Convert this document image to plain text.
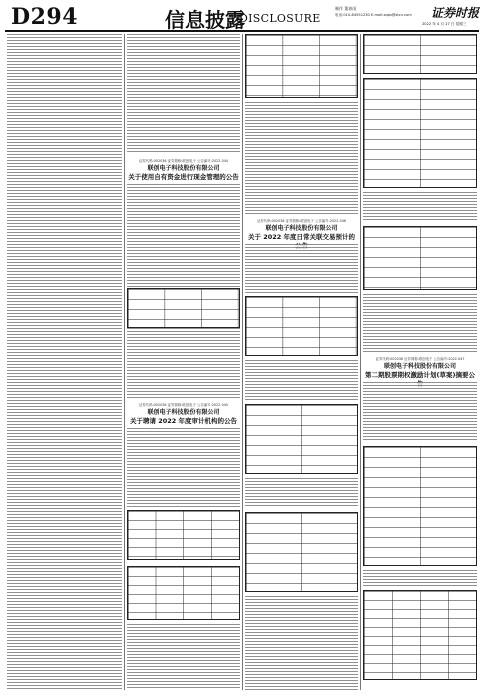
D294	信息披露
DISCLOSURE
制作 董春雨
电话:010-84551230 E-mail:zqsb@stcn.com 证券时报
2022 年 4 月 27 日 星期三
证券代码:002036 证券简称:联创电子 公告编号:2022-044
联创电子科技股份有限公司
关于使用自有资金进行现金管理的公告
证券代码:002036 证券简称:联创电子 公告编号:2022-045
联创电子科技股份有限公司
关于聘请 2022 年度审计机构的公告
证券代码:002036 证券简称:联创电子 公告编号:2022-046
联创电子科技股份有限公司
关于 2022 年度日常关联交易预计的
证券代码:002036 证券简称:联创电子 公告编号:2022-047
联创电子科技股份有限公司
第二期股票期权激励计划(草案)摘要公
